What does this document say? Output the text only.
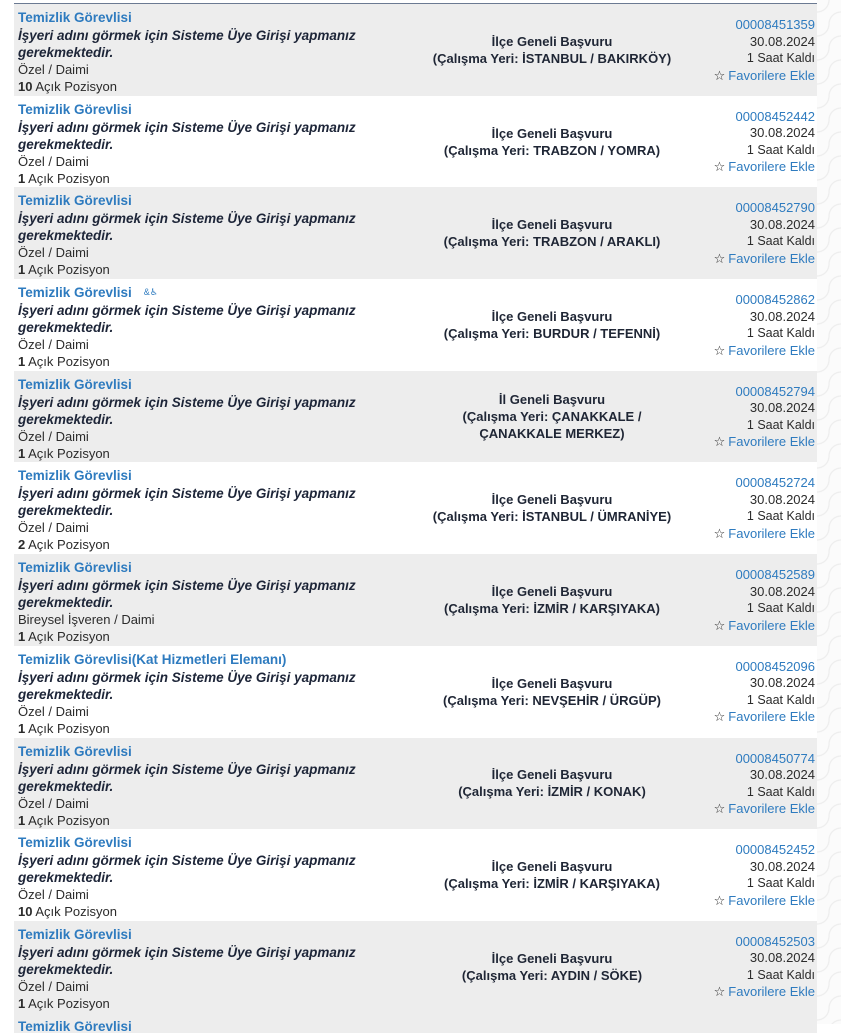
Temizlik Görevlisi
İşyeri adını görmek için Sisteme Üye Girişi yapmanız gerekmektedir.
Özel / Daimi
10 Açık Pozisyon
İlçe Geneli Başvuru
(Çalışma Yeri: İSTANBUL / BAKIRKÖY)
00008451359
30.08.2024
1 Saat Kaldı
☆ Favorilere Ekle
Temizlik Görevlisi
İşyeri adını görmek için Sisteme Üye Girişi yapmanız gerekmektedir.
Özel / Daimi
1 Açık Pozisyon
İlçe Geneli Başvuru
(Çalışma Yeri: TRABZON / YOMRA)
00008452442
30.08.2024
1 Saat Kaldı
☆ Favorilere Ekle
Temizlik Görevlisi
İşyeri adını görmek için Sisteme Üye Girişi yapmanız gerekmektedir.
Özel / Daimi
1 Açık Pozisyon
İlçe Geneli Başvuru
(Çalışma Yeri: TRABZON / ARAKLI)
00008452790
30.08.2024
1 Saat Kaldı
☆ Favorilere Ekle
Temizlik Görevlisi &♿
İşyeri adını görmek için Sisteme Üye Girişi yapmanız gerekmektedir.
Özel / Daimi
1 Açık Pozisyon
İlçe Geneli Başvuru
(Çalışma Yeri: BURDUR / TEFENNİ)
00008452862
30.08.2024
1 Saat Kaldı
☆ Favorilere Ekle
Temizlik Görevlisi
İşyeri adını görmek için Sisteme Üye Girişi yapmanız gerekmektedir.
Özel / Daimi
1 Açık Pozisyon
İl Geneli Başvuru
(Çalışma Yeri: ÇANAKKALE / ÇANAKKALE MERKEZ)
00008452794
30.08.2024
1 Saat Kaldı
☆ Favorilere Ekle
Temizlik Görevlisi
İşyeri adını görmek için Sisteme Üye Girişi yapmanız gerekmektedir.
Özel / Daimi
2 Açık Pozisyon
İlçe Geneli Başvuru
(Çalışma Yeri: İSTANBUL / ÜMRANİYE)
00008452724
30.08.2024
1 Saat Kaldı
☆ Favorilere Ekle
Temizlik Görevlisi
İşyeri adını görmek için Sisteme Üye Girişi yapmanız gerekmektedir.
Bireysel İşveren / Daimi
1 Açık Pozisyon
İlçe Geneli Başvuru
(Çalışma Yeri: İZMİR / KARŞIYAKA)
00008452589
30.08.2024
1 Saat Kaldı
☆ Favorilere Ekle
Temizlik Görevlisi(Kat Hizmetleri Elemanı)
İşyeri adını görmek için Sisteme Üye Girişi yapmanız gerekmektedir.
Özel / Daimi
1 Açık Pozisyon
İlçe Geneli Başvuru
(Çalışma Yeri: NEVŞEHİR / ÜRGÜP)
00008452096
30.08.2024
1 Saat Kaldı
☆ Favorilere Ekle
Temizlik Görevlisi
İşyeri adını görmek için Sisteme Üye Girişi yapmanız gerekmektedir.
Özel / Daimi
1 Açık Pozisyon
İlçe Geneli Başvuru
(Çalışma Yeri: İZMİR / KONAK)
00008450774
30.08.2024
1 Saat Kaldı
☆ Favorilere Ekle
Temizlik Görevlisi
İşyeri adını görmek için Sisteme Üye Girişi yapmanız gerekmektedir.
Özel / Daimi
10 Açık Pozisyon
İlçe Geneli Başvuru
(Çalışma Yeri: İZMİR / KARŞIYAKA)
00008452452
30.08.2024
1 Saat Kaldı
☆ Favorilere Ekle
Temizlik Görevlisi
İşyeri adını görmek için Sisteme Üye Girişi yapmanız gerekmektedir.
Özel / Daimi
1 Açık Pozisyon
İlçe Geneli Başvuru
(Çalışma Yeri: AYDIN / SÖKE)
00008452503
30.08.2024
1 Saat Kaldı
☆ Favorilere Ekle
Temizlik Görevlisi
